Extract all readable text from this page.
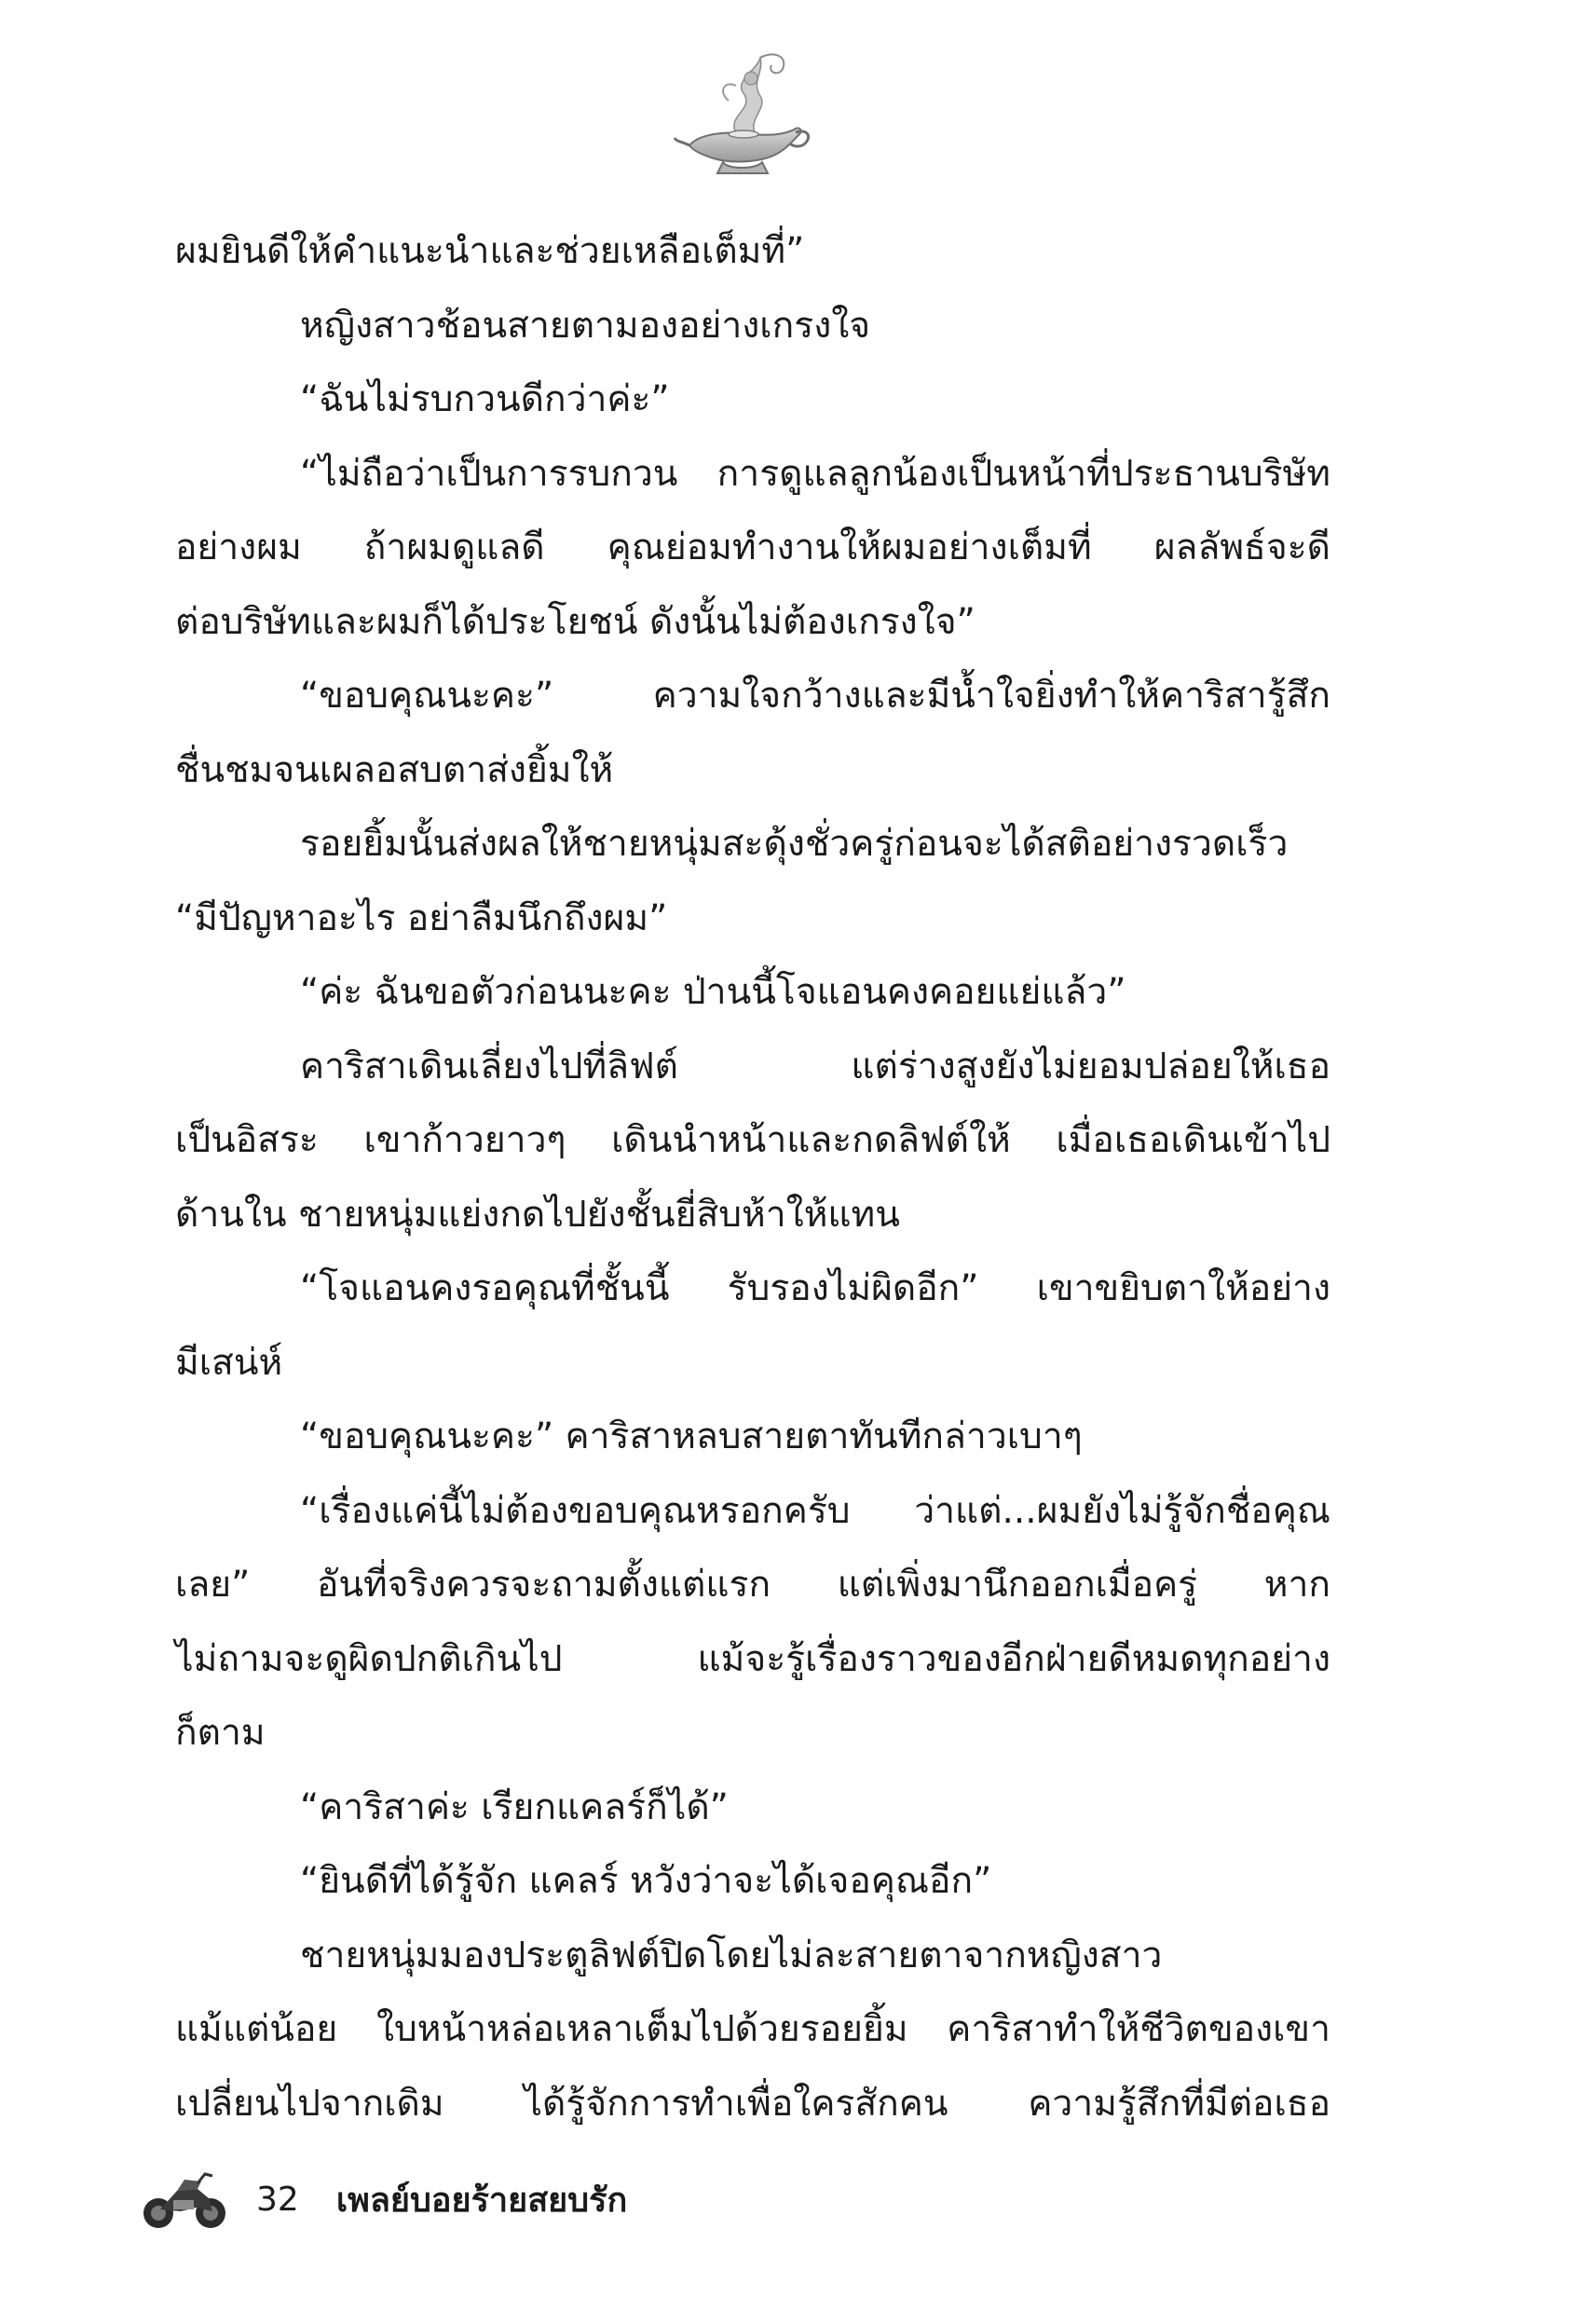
ผมยินดีให้คำแนะนำและช่วยเหลือเต็มที่”
หญิงสาวช้อนสายตามองอย่างเกรงใจ
“ฉันไม่รบกวนดีกว่าค่ะ”
“ไม่ถือว่าเป็นการรบกวน การดูแลลูกน้องเป็นหน้าที่ประธานบริษัท
อย่างผม ถ้าผมดูแลดี คุณย่อมทำงานให้ผมอย่างเต็มที่ ผลลัพธ์จะดี
ต่อบริษัทและผมก็ได้ประโยชน์ ดังนั้นไม่ต้องเกรงใจ”
“ขอบคุณนะคะ” ความใจกว้างและมีน้ำใจยิ่งทำให้คาริสารู้สึก
ชื่นชมจนเผลอสบตาส่งยิ้มให้
รอยยิ้มนั้นส่งผลให้ชายหนุ่มสะดุ้งชั่วครู่ก่อนจะได้สติอย่างรวดเร็ว
“มีปัญหาอะไร อย่าลืมนึกถึงผม”
“ค่ะ ฉันขอตัวก่อนนะคะ ป่านนี้โจแอนคงคอยแย่แล้ว”
คาริสาเดินเลี่ยงไปที่ลิฟต์ แต่ร่างสูงยังไม่ยอมปล่อยให้เธอ
เป็นอิสระ เขาก้าวยาวๆ เดินนำหน้าและกดลิฟต์ให้ เมื่อเธอเดินเข้าไป
ด้านใน ชายหนุ่มแย่งกดไปยังชั้นยี่สิบห้าให้แทน
“โจแอนคงรอคุณที่ชั้นนี้ รับรองไม่ผิดอีก” เขาขยิบตาให้อย่าง
มีเสน่ห์
“ขอบคุณนะคะ” คาริสาหลบสายตาทันทีกล่าวเบาๆ
“เรื่องแค่นี้ไม่ต้องขอบคุณหรอกครับ ว่าแต่...ผมยังไม่รู้จักชื่อคุณ
เลย” อันที่จริงควรจะถามตั้งแต่แรก แต่เพิ่งมานึกออกเมื่อครู่ หาก
ไม่ถามจะดูผิดปกติเกินไป แม้จะรู้เรื่องราวของอีกฝ่ายดีหมดทุกอย่าง
ก็ตาม
“คาริสาค่ะ เรียกแคลร์ก็ได้”
“ยินดีที่ได้รู้จัก แคลร์ หวังว่าจะได้เจอคุณอีก”
ชายหนุ่มมองประตูลิฟต์ปิดโดยไม่ละสายตาจากหญิงสาว
แม้แต่น้อย ใบหน้าหล่อเหลาเต็มไปด้วยรอยยิ้ม คาริสาทำให้ชีวิตของเขา
เปลี่ยนไปจากเดิม ได้รู้จักการทำเพื่อใครสักคน ความรู้สึกที่มีต่อเธอ
32 เพลย์บอยร้ายสยบรัก
